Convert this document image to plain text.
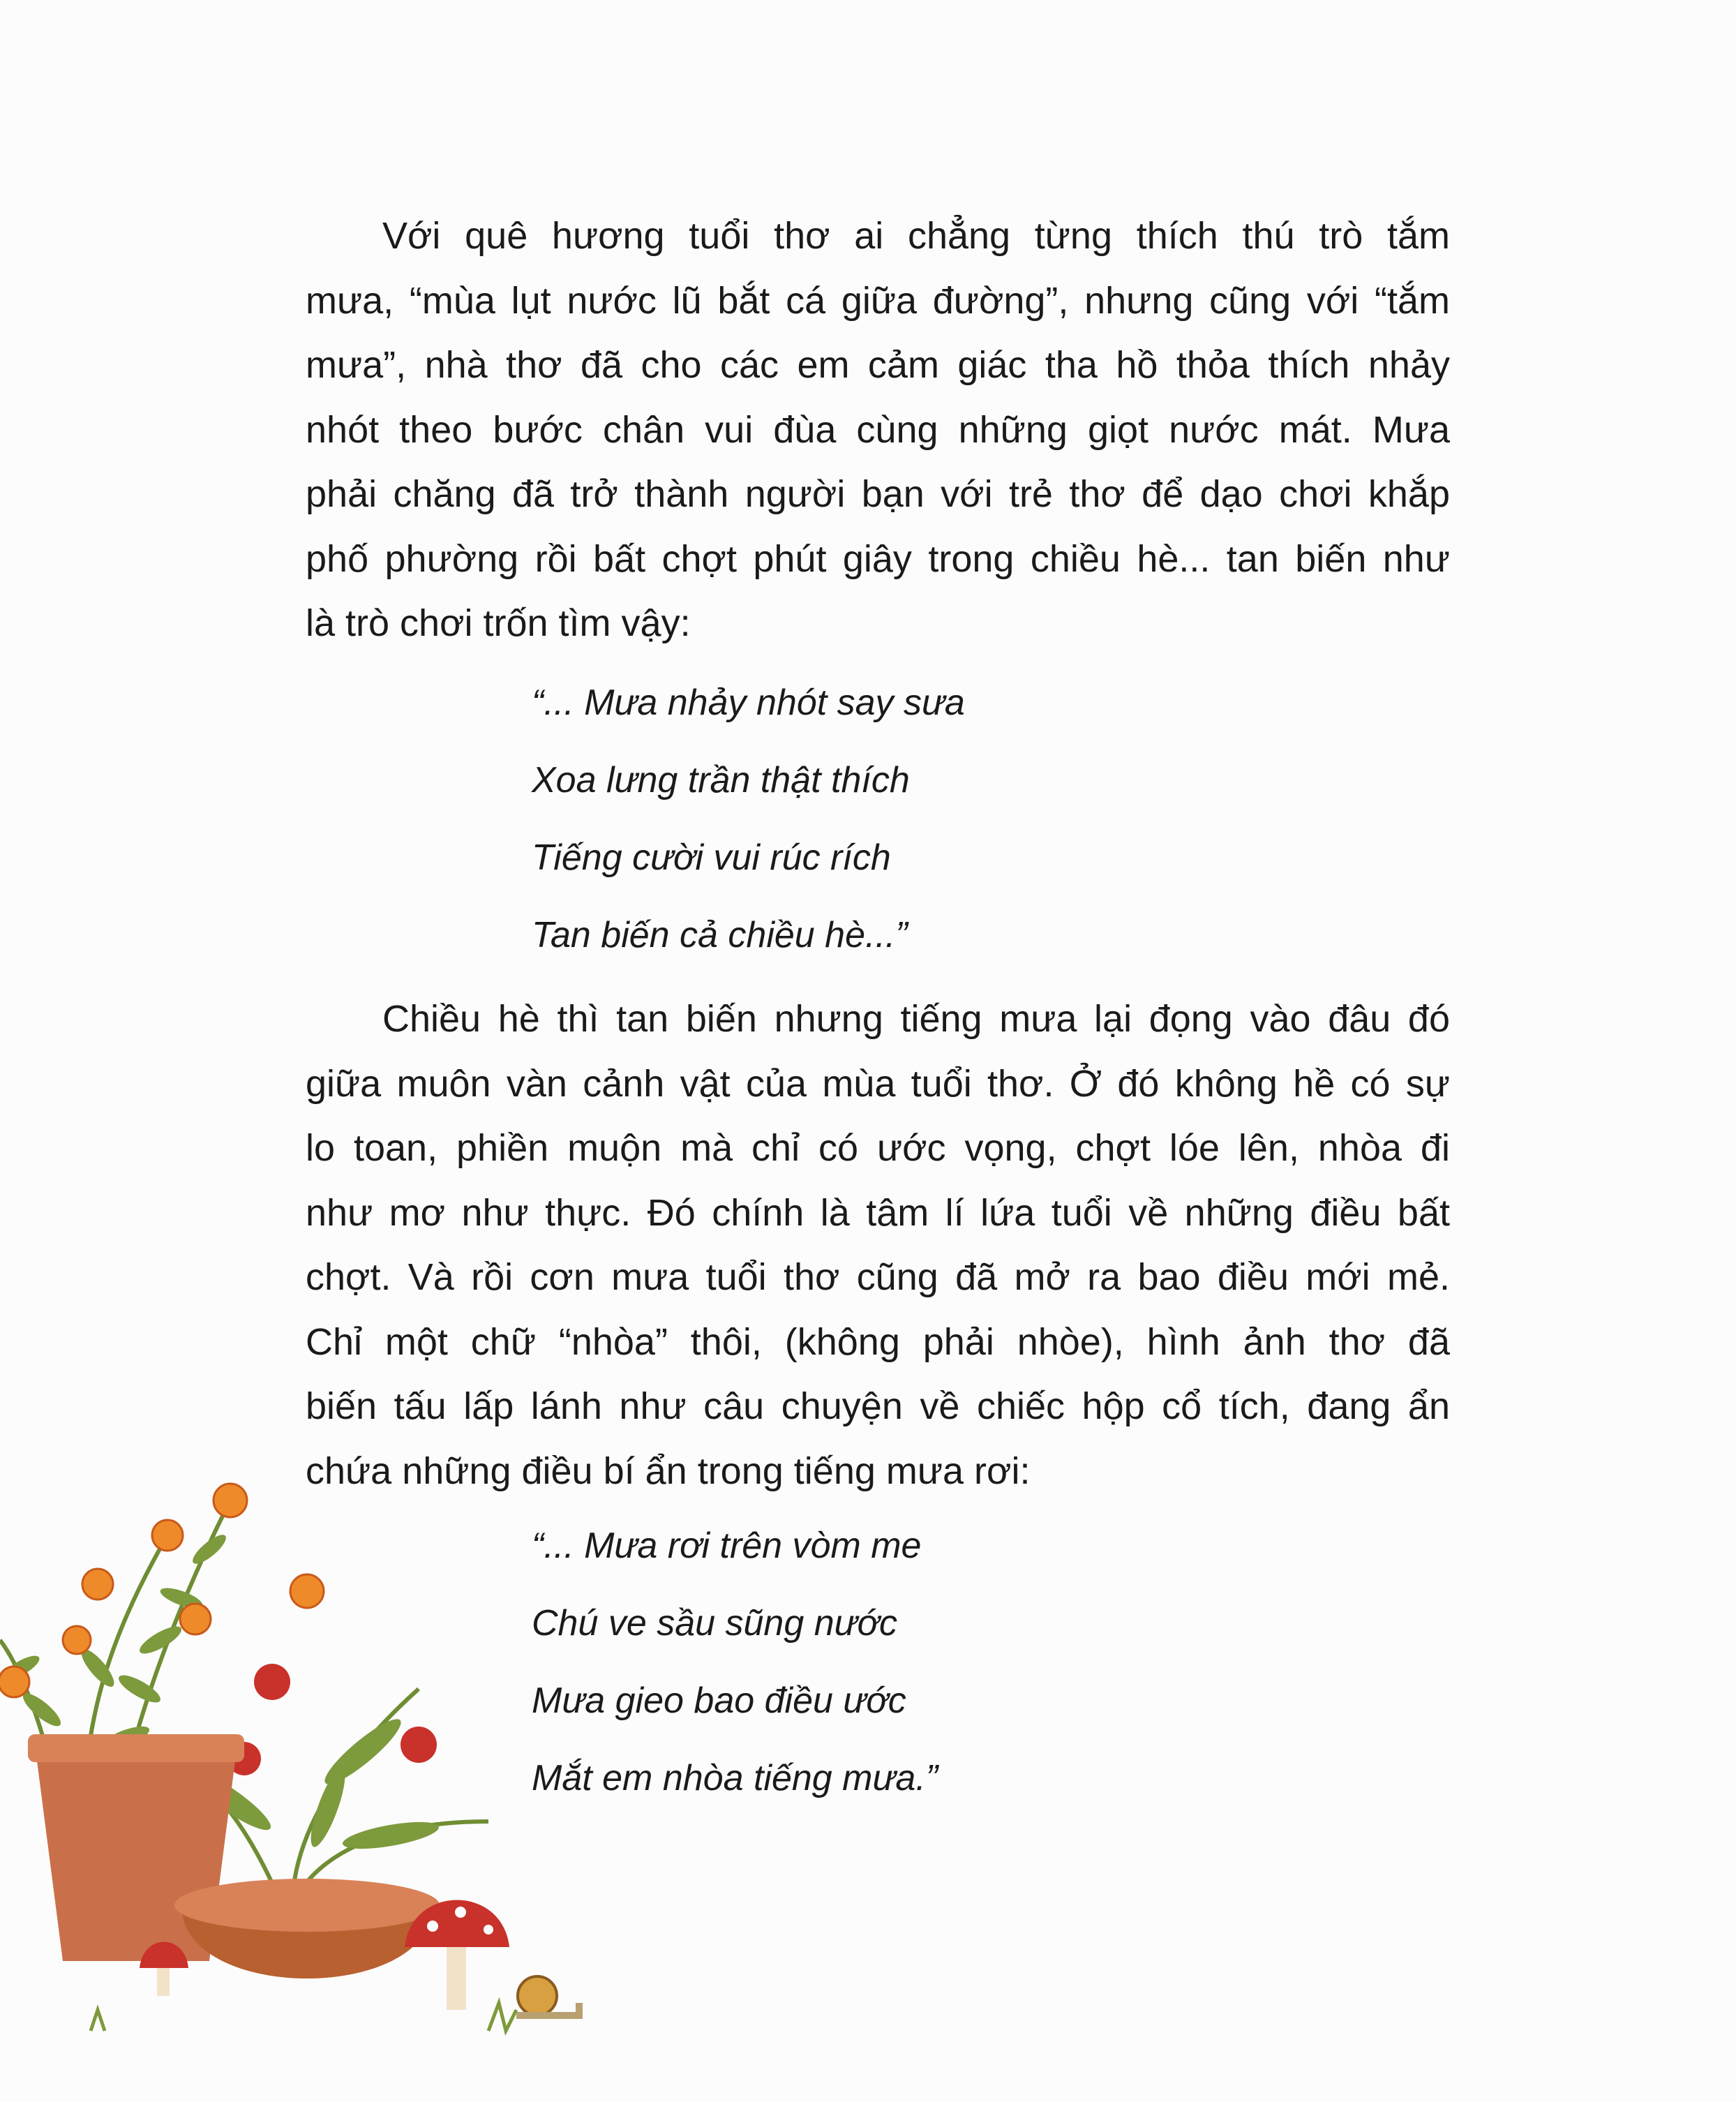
Với quê hương tuổi thơ ai chẳng từng thích thú trò tắm
mưa, “mùa lụt nước lũ bắt cá giữa đường”, nhưng cũng với “tắm
mưa”, nhà thơ đã cho các em cảm giác tha hồ thỏa thích nhảy
nhót theo bước chân vui đùa cùng những giọt nước mát. Mưa
phải chăng đã trở thành người bạn với trẻ thơ để dạo chơi khắp
phố phường rồi bất chợt phút giây trong chiều hè... tan biến như
là trò chơi trốn tìm vậy:
“... Mưa nhảy nhót say sưa
Xoa lưng trần thật thích
Tiếng cười vui rúc rích
Tan biến cả chiều hè...”
Chiều hè thì tan biến nhưng tiếng mưa lại đọng vào đâu đó
giữa muôn vàn cảnh vật của mùa tuổi thơ. Ở đó không hề có sự
lo toan, phiền muộn mà chỉ có ước vọng, chợt lóe lên, nhòa đi
như mơ như thực. Đó chính là tâm lí lứa tuổi về những điều bất
chợt. Và rồi cơn mưa tuổi thơ cũng đã mở ra bao điều mới mẻ.
Chỉ một chữ “nhòa” thôi, (không phải nhòe), hình ảnh thơ đã
biến tấu lấp lánh như câu chuyện về chiếc hộp cổ tích, đang ẩn
chứa những điều bí ẩn trong tiếng mưa rơi:
“... Mưa rơi trên vòm me
Chú ve sầu sũng nước
Mưa gieo bao điều ước
Mắt em nhòa tiếng mưa.”
